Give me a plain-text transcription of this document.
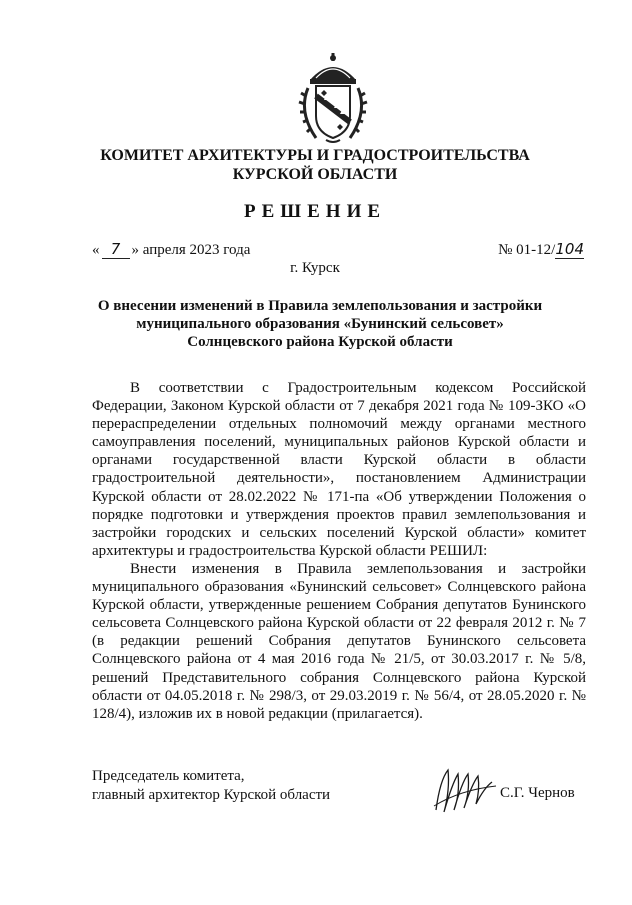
КОМИТЕТ АРХИТЕКТУРЫ И ГРАДОСТРОИТЕЛЬСТВА
КУРСКОЙ ОБЛАСТИ
РЕШЕНИЕ
« 7 » апреля 2023 года	№ 01-12/104
г. Курск
О внесении изменений в Правила землепользования и застройки
муниципального образования «Бунинский сельсовет»
Солнцевского района Курской области

В соответствии с Градостроительным кодексом Российской Федерации, Законом Курской области от 7 декабря 2021 года № 109-ЗКО «О перераспределении отдельных полномочий между органами местного самоуправления поселений, муниципальных районов Курской области и органами государственной власти Курской области в области градостроительной деятельности», постановлением Администрации Курской области от 28.02.2022 № 171-па «Об утверждении Положения о порядке подготовки и утверждения проектов правил землепользования и застройки городских и сельских поселений Курской области» комитет архитектуры и градостроительства Курской области РЕШИЛ:

Внести изменения в Правила землепользования и застройки муниципального образования «Бунинский сельсовет» Солнцевского района Курской области, утвержденные решением Собрания депутатов Бунинского сельсовета Солнцевского района Курской области от 22 февраля 2012 г. № 7 (в редакции решений Собрания депутатов Бунинского сельсовета Солнцевского района от 4 мая 2016 года № 21/5, от 30.03.2017 г. № 5/8, решений Представительного собрания Солнцевского района Курской области от 04.05.2018 г. № 298/3, от 29.03.2019 г. № 56/4, от 28.05.2020 г. № 128/4), изложив их в новой редакции (прилагается).

Председатель комитета,
главный архитектор Курской области	С.Г. Чернов
